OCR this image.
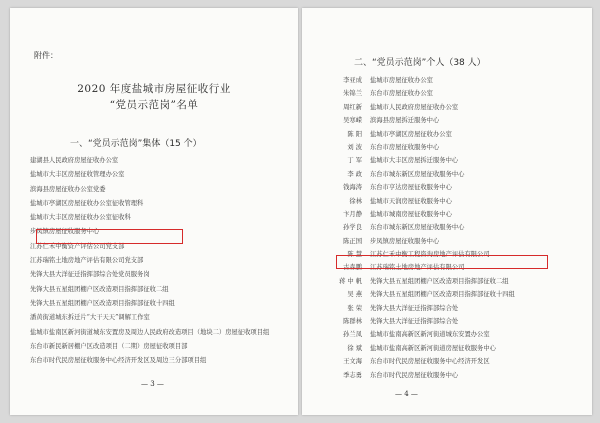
附件：
2020 年度盐城市房屋征收行业
“党员示范岗”名单
一、“党员示范岗”集体（15 个）
建湖县人民政府房屋征收办公室
盐城市大丰区房屋征收管理办公室
滨海县房屋征收办公室党委
盐城市亭湖区房屋征收办公室征收管理科
盐城市大丰区房屋征收办公室征收科
步凤镇房屋征收服务中心
江苏仁禾中衡资产评估公司党支部
江苏瑞铭土地房地产评估有限公司党支部
先锋大县大洋征迁指挥部综合处党员服务岗
先锋大县五星组团棚户区改造项目指挥部征收二组
先锋大县五星组团棚户区改造项目指挥部征收十四组
潘黄街道城东拆迁片“大干天天”调解工作室
盐城市盐南区新河街道城东安置房及周边人民政府改造项目（地块二）房屋征收项目组
东台市新民新居棚户区改造项目（二期）房屋征收项目部
东台市时代民房屋征收服务中心经济开发区及周边三分部项目组
— 3 —
二、“党员示范岗”个人（38 人）
李亚成	盐城市房屋征收办公室
朱锦兰	东台市房屋征收办公室
周红新	盐城市人民政府房屋征收办公室
吴寒嵘	滨海县房屋拆迁服务中心
陈 阳	盐城市亭湖区房屋征收办公室
刘 波	东台市房屋征收服务中心
丁 军	盐城市大丰区房屋拆迁服务中心
李 政	东台市城东新区房屋征收服务中心
钱海涛	东台市亨达房屋征收服务中心
徐林	盐城市天润房屋征收服务中心
卞月静	盐城市城南房屋征收服务中心
孙学良	东台市城东新区房屋征收服务中心
陈正国	步凤镇房屋征收服务中心
陈 慧	江苏仁禾中衡工程咨询房地产评估有限公司
古森鹏	江苏瑞铭土地房地产评估有限公司
蒋 中 帆	先锋大县五星组团棚户区改造项目指挥部征收二组
吴 燕	先锋大县五星组团棚户区改造项目指挥部征收十四组
张 荣	先锋大县大洋征迁指挥部综合处
陈群林	先锋大县大洋征迁指挥部综合处
孙兰凤	盐城市盐南高新区新河街道城东安置办公室
徐 斌	盐城市盐南高新区新河街道房屋征收服务中心
王文海	东台市时代民房屋征收服务中心经济开发区
季志勇	东台市时代民房屋征收服务中心
— 4 —
